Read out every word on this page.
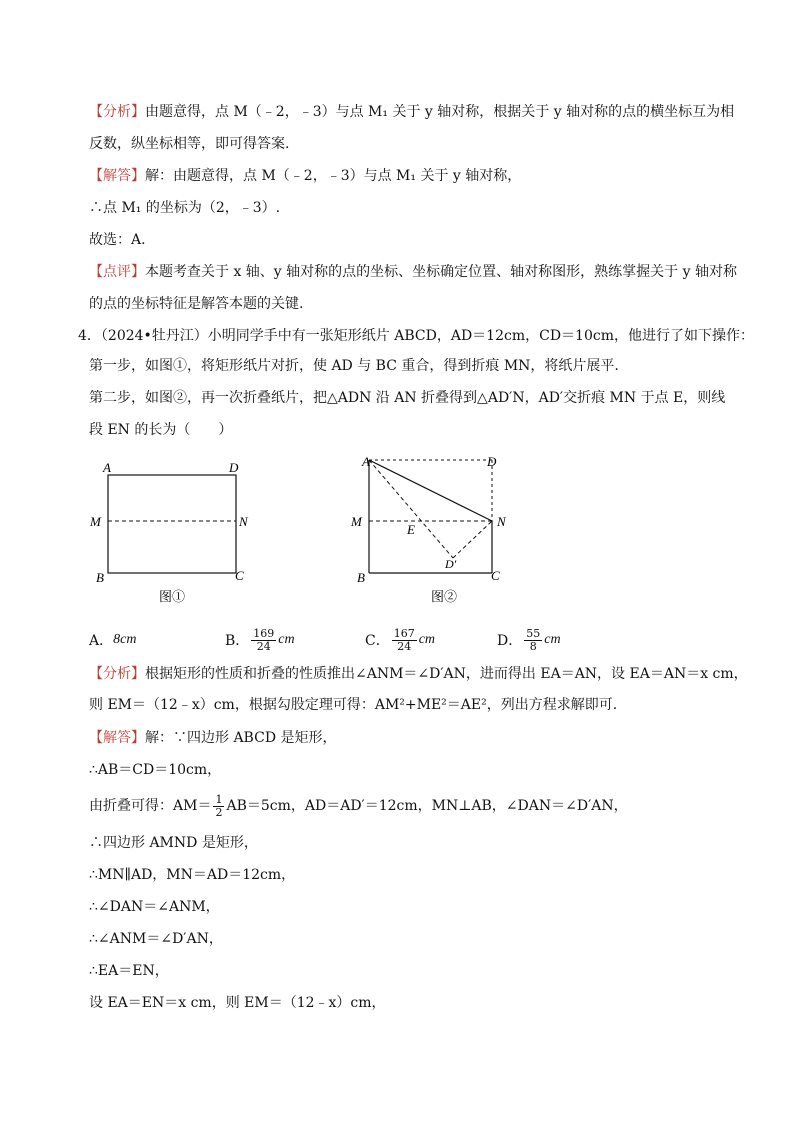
【分析】由题意得，点 M（﹣2，﹣3）与点 M₁ 关于 y 轴对称，根据关于 y 轴对称的点的横坐标互为相
反数，纵坐标相等，即可得答案.
【解答】解：由题意得，点 M（﹣2，﹣3）与点 M₁ 关于 y 轴对称，
∴点 M₁ 的坐标为（2，﹣3）.
故选：A.
【点评】本题考查关于 x 轴、y 轴对称的点的坐标、坐标确定位置、轴对称图形，熟练掌握关于 y 轴对称
的点的坐标特征是解答本题的关键.
4．（2024•牡丹江）小明同学手中有一张矩形纸片 ABCD，AD＝12cm，CD＝10cm，他进行了如下操作：
第一步，如图①，将矩形纸片对折，使 AD 与 BC 重合，得到折痕 MN，将纸片展平.
第二步，如图②，再一次折叠纸片，把△ADN 沿 AN 折叠得到△AD′N，AD′交折痕 MN 于点 E，则线
段 EN 的长为（　　）
A	D
M	N
B	C
图①
A	D
M	N
E
D′
B	C
图②
A． 8cm	B． $\frac{169}{24}$ cm	C． $\frac{167}{24}$ cm	D． $\frac{55}{8}$ cm
【分析】根据矩形的性质和折叠的性质推出∠ANM＝∠D′AN，进而得出 EA＝AN，设 EA＝AN＝x cm，
则 EM＝（12﹣x）cm，根据勾股定理可得：AM²+ME²＝AE²，列出方程求解即可.
【解答】解：∵四边形 ABCD 是矩形，
∴AB＝CD＝10cm，
由折叠可得：$AM= \frac{1}{2} AB=5cm$，AD＝AD′＝12cm，MN⊥AB，∠DAN＝∠D′AN，
∴四边形 AMND 是矩形，
∴MN∥AD，MN＝AD＝12cm，
∴∠DAN＝∠ANM，
∴∠ANM＝∠D′AN，
∴EA＝EN，
设 EA＝EN＝x cm，则 EM＝（12﹣x）cm，
